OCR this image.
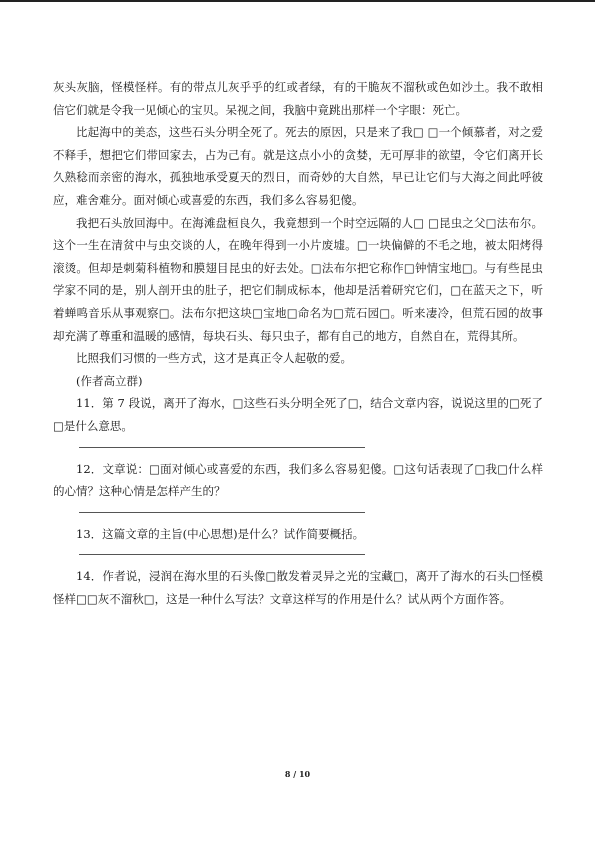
灰头灰脑，怪模怪样。有的带点儿灰乎乎的红或者绿，有的干脆灰不溜秋或色如沙土。我不敢相信它们就是令我一见倾心的宝贝。呆视之间，我脑中竟跳出那样一个字眼：死亡。

比起海中的美态，这些石头分明全死了。死去的原因，只是来了我□ □一个倾慕者，对之爱不释手，想把它们带回家去，占为己有。就是这点小小的贪婪，无可厚非的欲望，令它们离开长久熟稔而亲密的海水，孤独地承受夏天的烈日，而奇妙的大自然，早已让它们与大海之间此呼彼应，难舍难分。面对倾心或喜爱的东西，我们多么容易犯傻。

我把石头放回海中。在海滩盘桓良久，我竟想到一个时空远隔的人□ □昆虫之父□法布尔。这个一生在清贫中与虫交谈的人，在晚年得到一小片废墟。□一块偏僻的不毛之地，被太阳烤得滚烫。但却是刺菊科植物和膜翅目昆虫的好去处。□法布尔把它称作□钟情宝地□。与有些昆虫学家不同的是，别人剖开虫的肚子，把它们制成标本，他却是活着研究它们，□在蓝天之下，听着蝉鸣音乐从事观察□。法布尔把这块□宝地□命名为□荒石园□。听来凄冷，但荒石园的故事却充满了尊重和温暖的感情，每块石头、每只虫子，都有自己的地方，自然自在，荒得其所。

比照我们习惯的一些方式，这才是真正令人起敬的爱。

(作者高立群)

11．第 7 段说，离开了海水，□这些石头分明全死了□，结合文章内容，说说这里的□死了□是什么意思。

12．文章说：□面对倾心或喜爱的东西，我们多么容易犯傻。□这句话表现了□我□什么样的心情？这种心情是怎样产生的？

13．这篇文章的主旨(中心思想)是什么？试作简要概括。

14．作者说，浸润在海水里的石头像□散发着灵异之光的宝藏□，离开了海水的石头□怪模怪样□□灰不溜秋□，这是一种什么写法？文章这样写的作用是什么？试从两个方面作答。

8 / 10
